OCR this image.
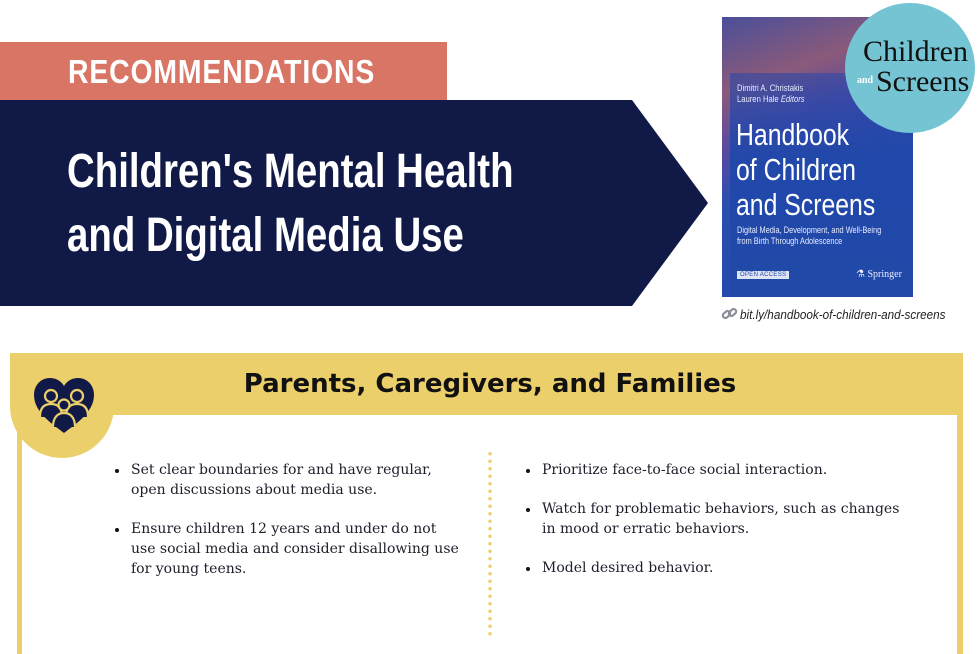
RECOMMENDATIONS
Children's Mental Health
and Digital Media Use
Dimitri A. Christakis
Lauren Hale Editors
Handbook
of Children
and Screens
Digital Media, Development, and Well-Being
from Birth Through Adolescence
OPEN ACCESS	⚗ Springer
Children
and Screens
bit.ly/handbook-of-children-and-screens
Parents, Caregivers, and Families
Set clear boundaries for and have regular, open discussions about media use.
Ensure children 12 years and under do not use social media and consider disallowing use for young teens.
Prioritize face-to-face social interaction.
Watch for problematic behaviors, such as changes in mood or erratic behaviors.
Model desired behavior.
